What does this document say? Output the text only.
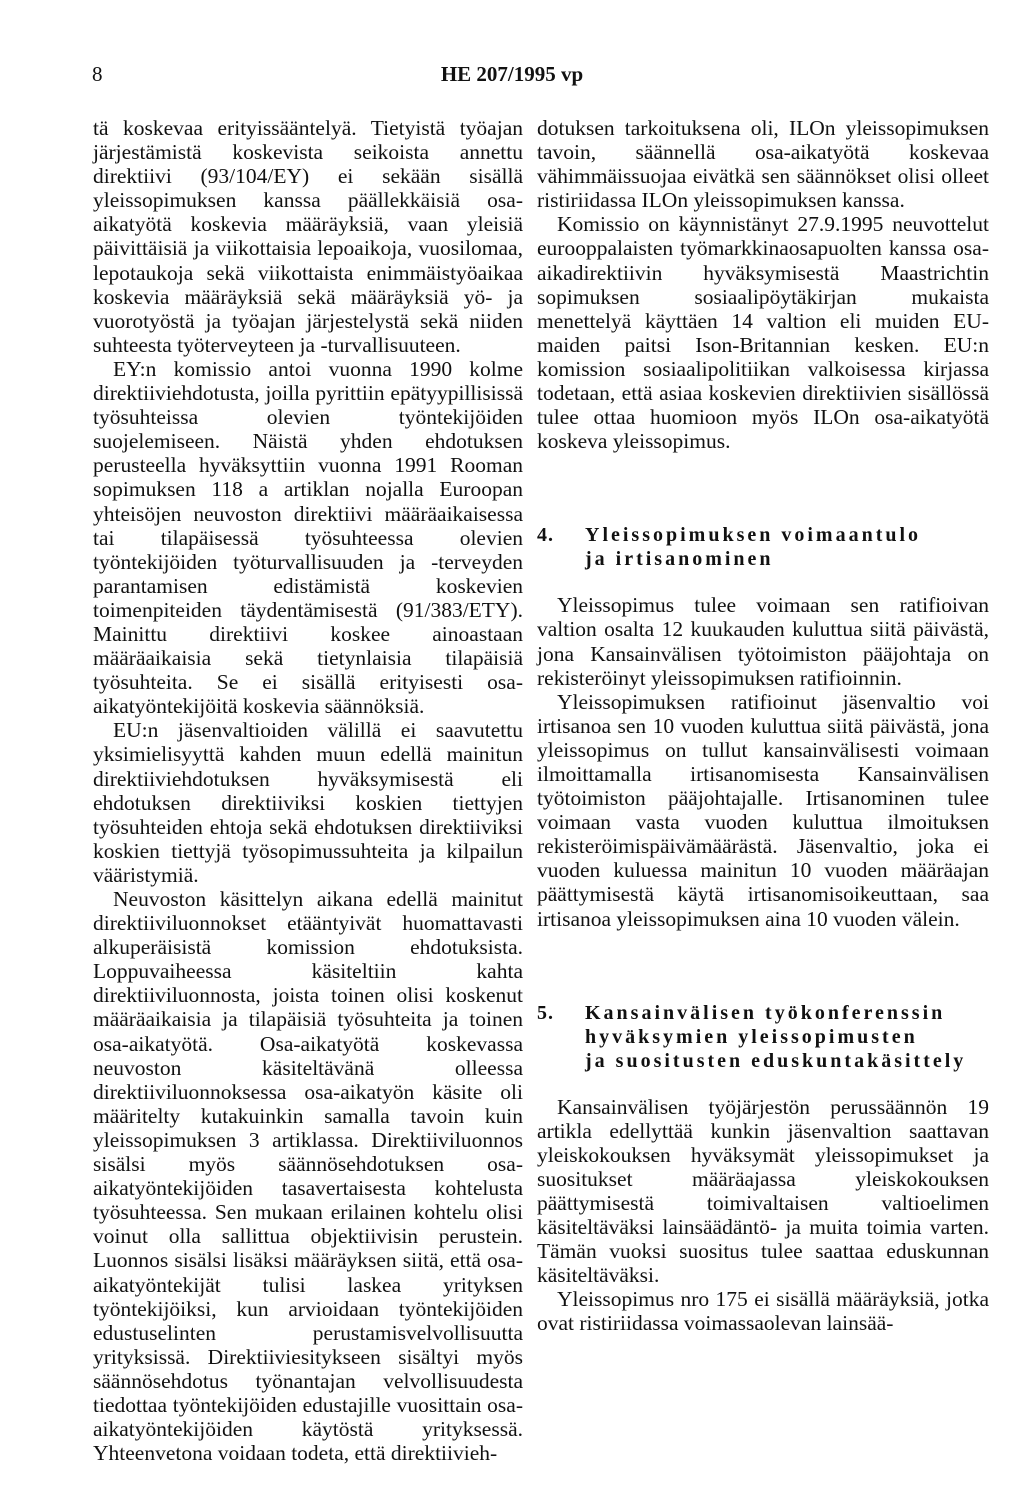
8	HE 207/1995 vp

tä koskevaa erityissääntelyä. Tietyistä työajan järjestämistä koskevista seikoista annettu direktiivi (93/104/EY) ei sekään sisällä yleissopimuksen kanssa päällekkäisiä osa-aikatyötä koskevia määräyksiä, vaan yleisiä päivittäisiä ja viikottaisia lepoaikoja, vuosilomaa, lepotaukoja sekä viikottaista enimmäistyöaikaa koskevia määräyksiä sekä määräyksiä yö- ja vuorotyöstä ja työajan järjestelystä sekä niiden suhteesta työterveyteen ja -turvallisuuteen.

EY:n komissio antoi vuonna 1990 kolme direktiiviehdotusta, joilla pyrittiin epätyypillisissä työsuhteissa olevien työntekijöiden suojelemiseen. Näistä yhden ehdotuksen perusteella hyväksyttiin vuonna 1991 Rooman sopimuksen 118 a artiklan nojalla Euroopan yhteisöjen neuvoston direktiivi määräaikaisessa tai tilapäisessä työsuhteessa olevien työntekijöiden työturvallisuuden ja -terveyden parantamisen edistämistä koskevien toimenpiteiden täydentämisestä (91/383/ETY). Mainittu direktiivi koskee ainoastaan määräaikaisia sekä tietynlaisia tilapäisiä työsuhteita. Se ei sisällä erityisesti osa-aikatyöntekijöitä koskevia säännöksiä.

EU:n jäsenvaltioiden välillä ei saavutettu yksimielisyyttä kahden muun edellä mainitun direktiiviehdotuksen hyväksymisestä eli ehdotuksen direktiiviksi koskien tiettyjen työsuhteiden ehtoja sekä ehdotuksen direktiiviksi koskien tiettyjä työsopimussuhteita ja kilpailun vääristymiä.

Neuvoston käsittelyn aikana edellä mainitut direktiiviluonnokset etääntyivät huomattavasti alkuperäisistä komission ehdotuksista. Loppuvaiheessa käsiteltiin kahta direktiiviluonnosta, joista toinen olisi koskenut määräaikaisia ja tilapäisiä työsuhteita ja toinen osa-aikatyötä. Osa-aikatyötä koskevassa neuvoston käsiteltävänä olleessa direktiiviluonnoksessa osa-aikatyön käsite oli määritelty kutakuinkin samalla tavoin kuin yleissopimuksen 3 artiklassa. Direktiiviluonnos sisälsi myös säännösehdotuksen osa-aikatyöntekijöiden tasavertaisesta kohtelusta työsuhteessa. Sen mukaan erilainen kohtelu olisi voinut olla sallittua objektiivisin perustein. Luonnos sisälsi lisäksi määräyksen siitä, että osa-aikatyöntekijät tulisi laskea yrityksen työntekijöiksi, kun arvioidaan työntekijöiden edustuselinten perustamisvelvollisuutta yrityksissä. Direktiiviesitykseen sisältyi myös säännösehdotus työnantajan velvollisuudesta tiedottaa työntekijöiden edustajille vuosittain osa-aikatyöntekijöiden käytöstä yrityksessä. Yhteenvetona voidaan todeta, että direktiivieh-

dotuksen tarkoituksena oli, ILOn yleissopimuksen tavoin, säännellä osa-aikatyötä koskevaa vähimmäissuojaa eivätkä sen säännökset olisi olleet ristiriidassa ILOn yleissopimuksen kanssa.

Komissio on käynnistänyt 27.9.1995 neuvottelut eurooppalaisten työmarkkinaosapuolten kanssa osa-aikadirektiivin hyväksymisestä Maastrichtin sopimuksen sosiaalipöytäkirjan mukaista menettelyä käyttäen 14 valtion eli muiden EU-maiden paitsi Ison-Britannian kesken. EU:n komission sosiaalipolitiikan valkoisessa kirjassa todetaan, että asiaa koskevien direktiivien sisällössä tulee ottaa huomioon myös ILOn osa-aikatyötä koskeva yleissopimus.

4.	Yleissopimuksen voimaantulo
ja irtisanominen

Yleissopimus tulee voimaan sen ratifioivan valtion osalta 12 kuukauden kuluttua siitä päivästä, jona Kansainvälisen työtoimiston pääjohtaja on rekisteröinyt yleissopimuksen ratifioinnin.

Yleissopimuksen ratifioinut jäsenvaltio voi irtisanoa sen 10 vuoden kuluttua siitä päivästä, jona yleissopimus on tullut kansainvälisesti voimaan ilmoittamalla irtisanomisesta Kansainvälisen työtoimiston pääjohtajalle. Irtisanominen tulee voimaan vasta vuoden kuluttua ilmoituksen rekisteröimispäivämäärästä. Jäsenvaltio, joka ei vuoden kuluessa mainitun 10 vuoden määräajan päättymisestä käytä irtisanomisoikeuttaan, saa irtisanoa yleissopimuksen aina 10 vuoden välein.

5.	Kansainvälisen työkonferenssin
hyväksymien yleissopimusten
ja suositusten eduskuntakäsittely

Kansainvälisen työjärjestön perussäännön 19 artikla edellyttää kunkin jäsenvaltion saattavan yleiskokouksen hyväksymät yleissopimukset ja suositukset määräajassa yleiskokouksen päättymisestä toimivaltaisen valtioelimen käsiteltäväksi lainsäädäntö- ja muita toimia varten. Tämän vuoksi suositus tulee saattaa eduskunnan käsiteltäväksi.

Yleissopimus nro 175 ei sisällä määräyksiä, jotka ovat ristiriidassa voimassaolevan lainsää-
